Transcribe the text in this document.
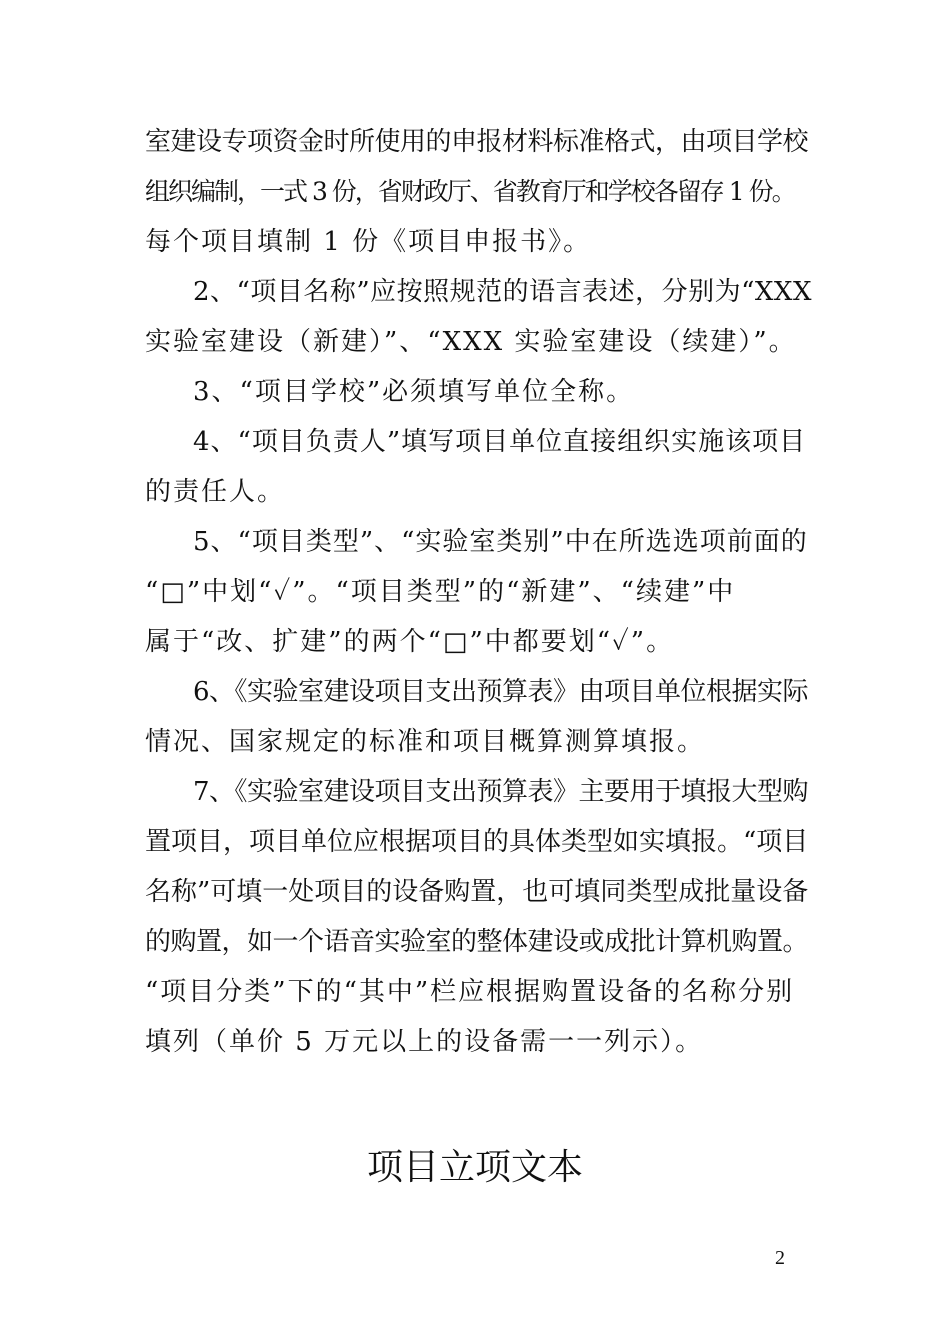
室建设专项资金时所使用的申报材料标准格式，由项目学校
组织编制，一式 3 份，省财政厅、省教育厅和学校各留存 1 份。
每个项目填制 1 份《项目申报书》。
2、“项目名称”应按照规范的语言表述，分别为“XXX
实验室建设（新建）”、“XXX 实验室建设（续建）”。
3、“项目学校”必须填写单位全称。
4、“项目负责人”填写项目单位直接组织实施该项目
的责任人。
5、“项目类型”、“实验室类别”中在所选选项前面的
“□”中划“✓”。“项目类型”的“新建”、“续建”中
属于“改、扩建”的两个“□”中都要划“✓”。
6、《实验室建设项目支出预算表》由项目单位根据实际
情况、国家规定的标准和项目概算测算填报。
7、《实验室建设项目支出预算表》主要用于填报大型购
置项目，项目单位应根据项目的具体类型如实填报。“项目
名称”可填一处项目的设备购置，也可填同类型成批量设备
的购置，如一个语音实验室的整体建设或成批计算机购置。
“项目分类”下的“其中”栏应根据购置设备的名称分别
填列（单价 5 万元以上的设备需一一列示）。
项目立项文本
2
